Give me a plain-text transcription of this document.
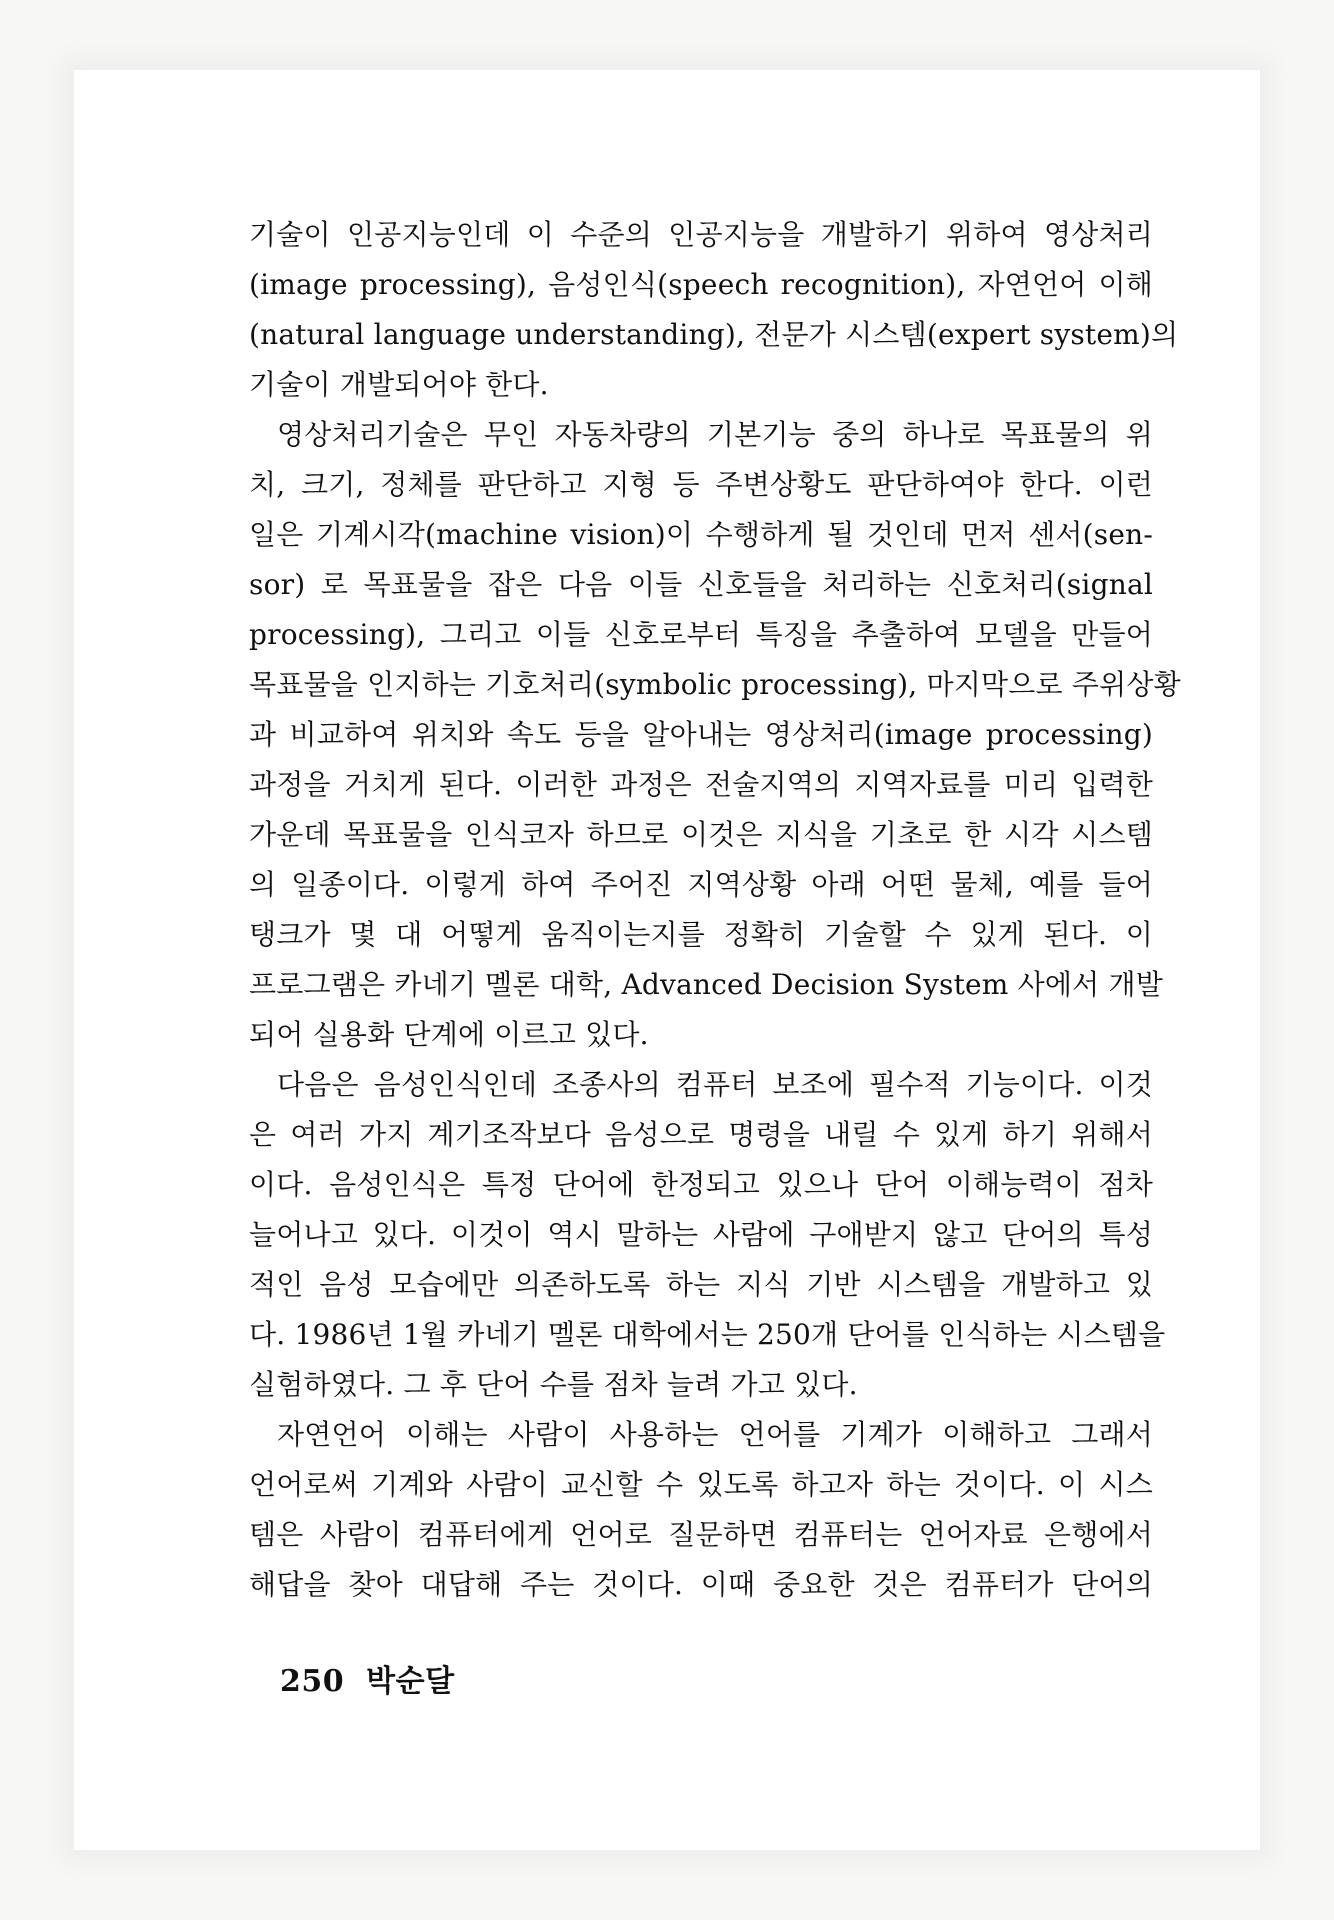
기술이 인공지능인데 이 수준의 인공지능을 개발하기 위하여 영상처리
(image processing), 음성인식(speech recognition), 자연언어 이해
(natural language understanding), 전문가 시스템(expert system)의
기술이 개발되어야 한다.
영상처리기술은 무인 자동차량의 기본기능 중의 하나로 목표물의 위
치, 크기, 정체를 판단하고 지형 등 주변상황도 판단하여야 한다. 이런
일은 기계시각(machine vision)이 수행하게 될 것인데 먼저 센서(sen-
sor) 로 목표물을 잡은 다음 이들 신호들을 처리하는 신호처리(signal
processing), 그리고 이들 신호로부터 특징을 추출하여 모델을 만들어
목표물을 인지하는 기호처리(symbolic processing), 마지막으로 주위상황
과 비교하여 위치와 속도 등을 알아내는 영상처리(image processing)
과정을 거치게 된다. 이러한 과정은 전술지역의 지역자료를 미리 입력한
가운데 목표물을 인식코자 하므로 이것은 지식을 기초로 한 시각 시스템
의 일종이다. 이렇게 하여 주어진 지역상황 아래 어떤 물체, 예를 들어
탱크가 몇 대 어떻게 움직이는지를 정확히 기술할 수 있게 된다. 이
프로그램은 카네기 멜론 대학, Advanced Decision System 사에서 개발
되어 실용화 단계에 이르고 있다.
다음은 음성인식인데 조종사의 컴퓨터 보조에 필수적 기능이다. 이것
은 여러 가지 계기조작보다 음성으로 명령을 내릴 수 있게 하기 위해서
이다. 음성인식은 특정 단어에 한정되고 있으나 단어 이해능력이 점차
늘어나고 있다. 이것이 역시 말하는 사람에 구애받지 않고 단어의 특성
적인 음성 모습에만 의존하도록 하는 지식 기반 시스템을 개발하고 있
다. 1986년 1월 카네기 멜론 대학에서는 250개 단어를 인식하는 시스템을
실험하였다. 그 후 단어 수를 점차 늘려 가고 있다.
자연언어 이해는 사람이 사용하는 언어를 기계가 이해하고 그래서
언어로써 기계와 사람이 교신할 수 있도록 하고자 하는 것이다. 이 시스
템은 사람이 컴퓨터에게 언어로 질문하면 컴퓨터는 언어자료 은행에서
해답을 찾아 대답해 주는 것이다. 이때 중요한 것은 컴퓨터가 단어의
250 박순달
